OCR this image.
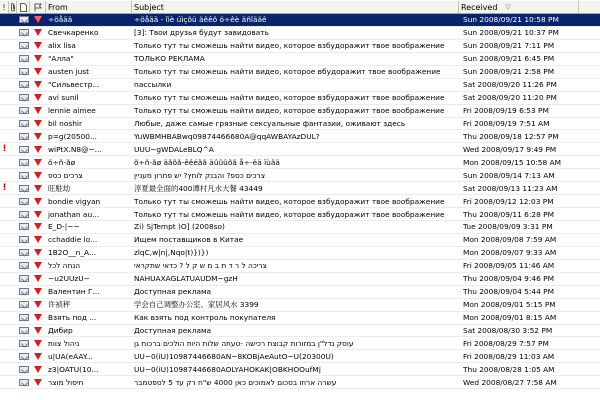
!	From	Subject	Received ▽
÷öåää	÷öåää - îìè úìçõü äêêô ö÷êè äñîääê	Sun 2008/09/21 10:58 PM
Свечкаренко	[3]: Твои друзья будут завидовать	Sun 2008/09/21 10:37 PM
alix lisa	Только тут ты сможешь найти видео, которое взбудоражит твое воображение	Sun 2008/09/21 7:11 PM
"Алла"	ТОЛЬКО РЕКЛАМА	Sun 2008/09/21 6:45 PM
austen just	Только тут ты сможешь найти видео, которое вбудоражит твое воображение	Sun 2008/09/21 2:58 PM
"Сильвестр...	пассылки	Sat 2008/09/20 11:26 PM
avi sunil	Только тут ты сможешь найти видео, которое взбудоражит твое воображение	Sat 2008/09/20 11:20 PM
lennie aimee	Только тут ты сможешь найти видео, которое взбудоражит твое воображение	Fri 2008/09/19 6:53 PM
bil noshir	Любые, даже самые грязные сексуальные фантазии, оживают здесь	Fri 2008/09/19 7:51 AM
p=g(20500...	YuWBMHBABwq09874466680A@qqAWBAYAzDUL?	Thu 2008/09/18 12:57 PM
!	wiPtX.N8@~...	UUU~gWDALeBLQ^A	Wed 2008/09/17 9:49 PM
õ÷ñ-ãø	õ÷ñ-ãø äãõã-êêéãã äûûûõã å÷-ëä ïùãä	Mon 2008/09/15 10:58 AM
צרכים כספ	צרכים כספ? והבנק לוחץ? יש פתרון מעניין	Sun 2008/09/14 7:13 AM
!	旺駐劫	淳夏最全面的400谭村凡水大餐 43449	Sat 2008/09/13 11:23 AM
bondie vigyan	Только тут ты сможешь найти видео, которое взбудоражит твое воображение	Fri 2008/09/12 12:03 PM
jonathan au...	Только тут ты сможешь найти видео, которое взбудоражит твое воображение	Thu 2008/09/11 6:28 PM
E_D-|~~	Zi) SjTempt )O] (2008so)	Tue 2008/09/09 3:31 PM
cchaddie lo...	Ищем поставщиков в Китае	Mon 2008/09/08 7:59 AM
1B2O__n_A...	zlqC,w|n|,Nqo|t)})})	Mon 2008/09/07 9:33 AM
הנחה לכל	צריכה ל ר ד ת ב מ ש ק ל ? כדאי שתקראי	Fri 2008/09/05 11:46 AM
~u2UUzU~	NAHUAXAGLATUAUDM~gzH	Thu 2008/09/04 9:46 PM
Валентин Г...	Доступная реклама	Thu 2008/09/04 5:44 PM
许祯秤	学会自己调整办公室、家居风水 3399	Mon 2008/09/01 5:15 PM
Взять под ...	Как взять под контроль покупателя	Mon 2008/09/01 8:15 AM
Дибир	Доступная реклама	Sat 2008/08/30 3:52 PM
ניהול צוות	עוסק נדל"ן במזורות קבוצת רכישה -טעתה שלות היות הולכים ברכות גן	Fri 2008/08/29 7:57 PM
u|UA(eAAY...	UU~0(iU)10987446680AN~8KOBjAeAutO~U(20300U)	Fri 2008/08/29 11:03 AM
z3|OATU(10...	UU~0(iU)10987446680AOLYAHOKAK|OBKHOOufM|	Thu 2008/08/28 1:05 AM
חיסול מוצר	עשרה ארוזו בסכום לאמוכים כאן 4000 ש"ח רק עד 5 לספטמבר	Wed 2008/08/27 7:58 AM
